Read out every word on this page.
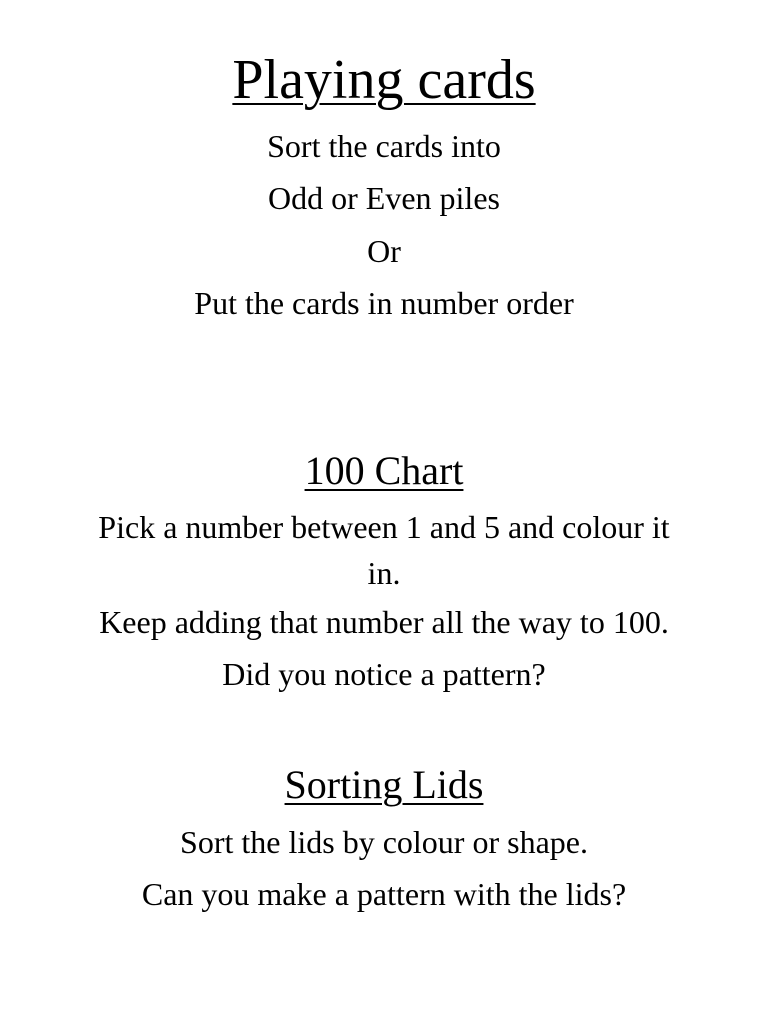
Playing cards
Sort the cards into
Odd or Even piles
Or
Put the cards in number order
100 Chart
Pick a number between 1 and 5 and colour it
in.
Keep adding that number all the way to 100.
Did you notice a pattern?
Sorting Lids
Sort the lids by colour or shape.
Can you make a pattern with the lids?
